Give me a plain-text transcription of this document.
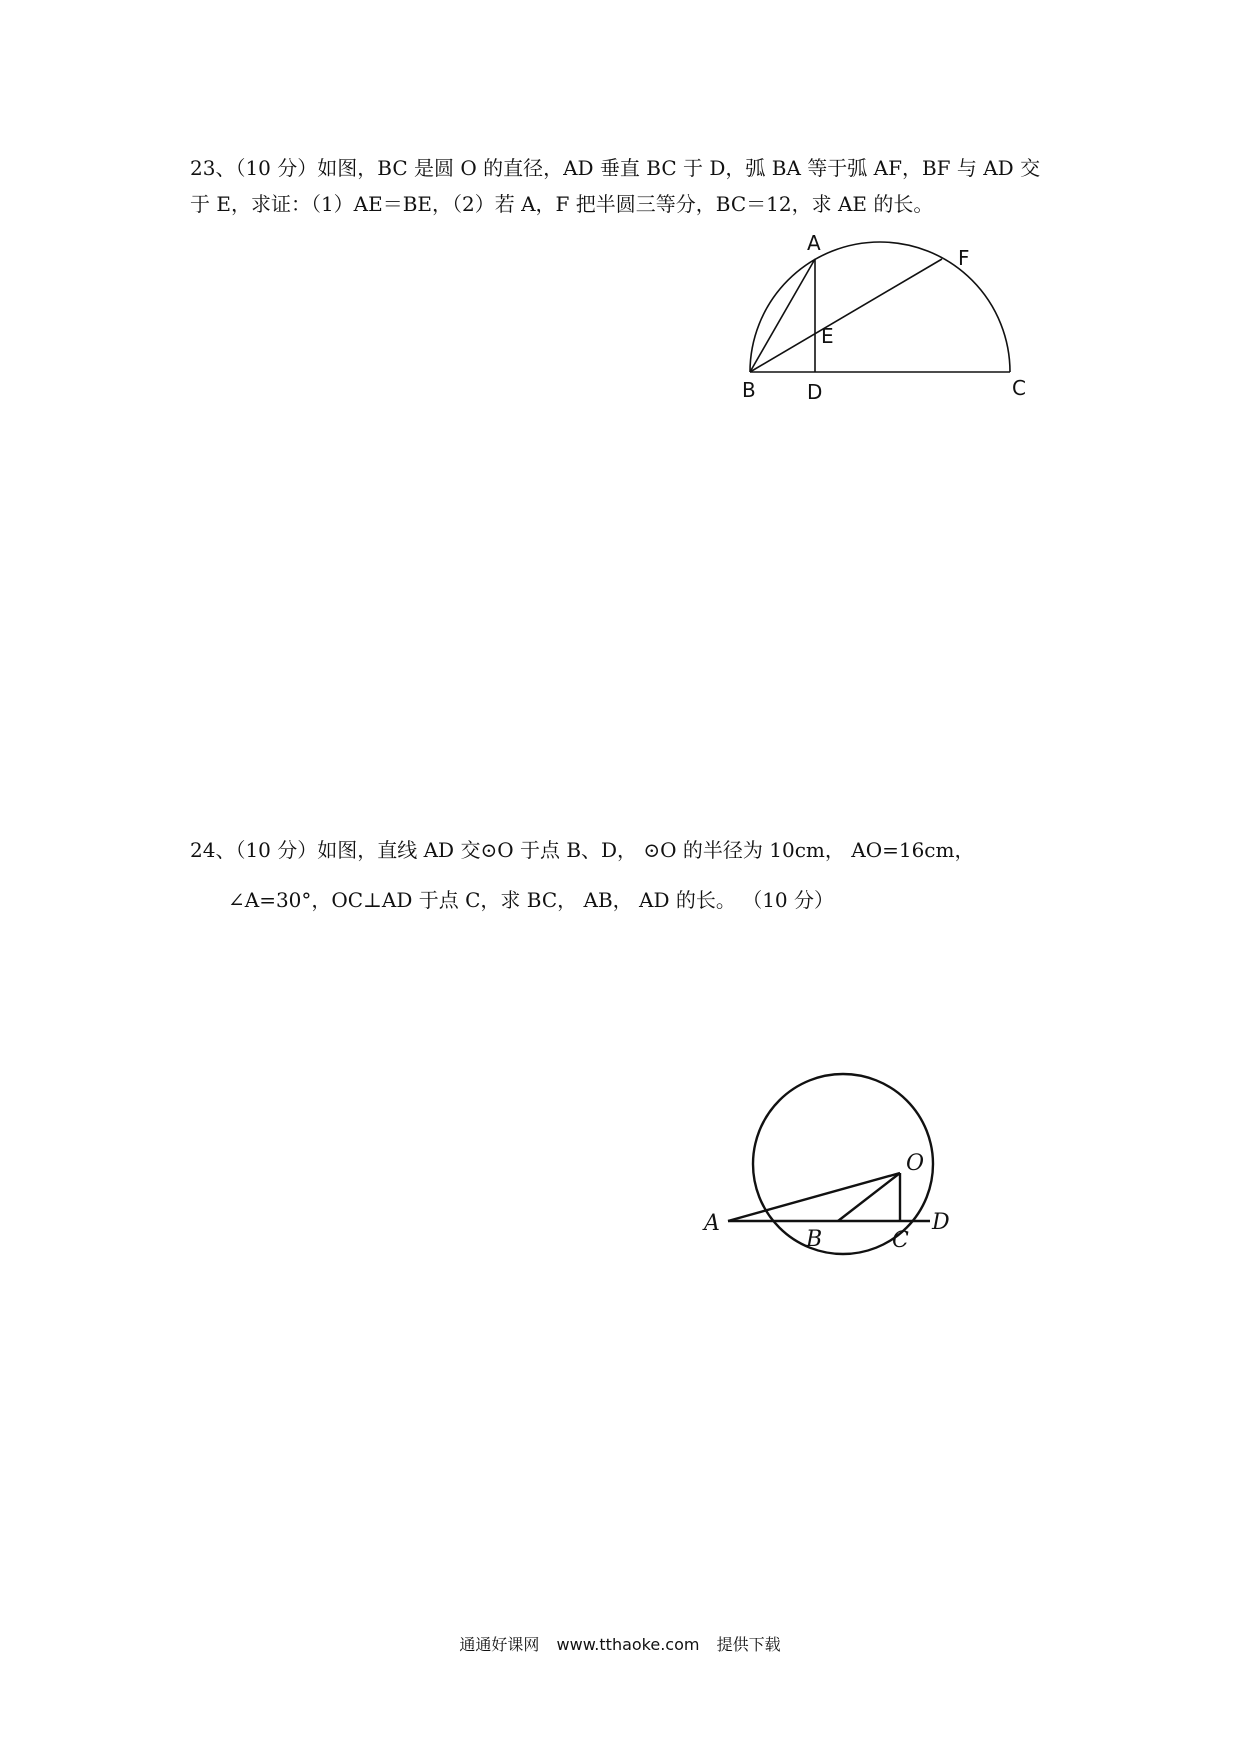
23、（10 分）如图，BC 是圆 O 的直径，AD 垂直 BC 于 D，弧 BA 等于弧 AF，BF 与 AD 交
于 E，求证：（1）AE＝BE，（2）若 A，F 把半圆三等分，BC＝12，求 AE 的长。
A
F
E
B	D	C
24、（10 分）如图，直线 AD 交⊙O 于点 B、D， ⊙O 的半径为 10cm， AO=16cm，
∠A=30°，OC⊥AD 于点 C，求 BC， AB， AD 的长。 （10 分）
O
A
B	C
D
通通好课网 www.tthaoke.com 提供下载
